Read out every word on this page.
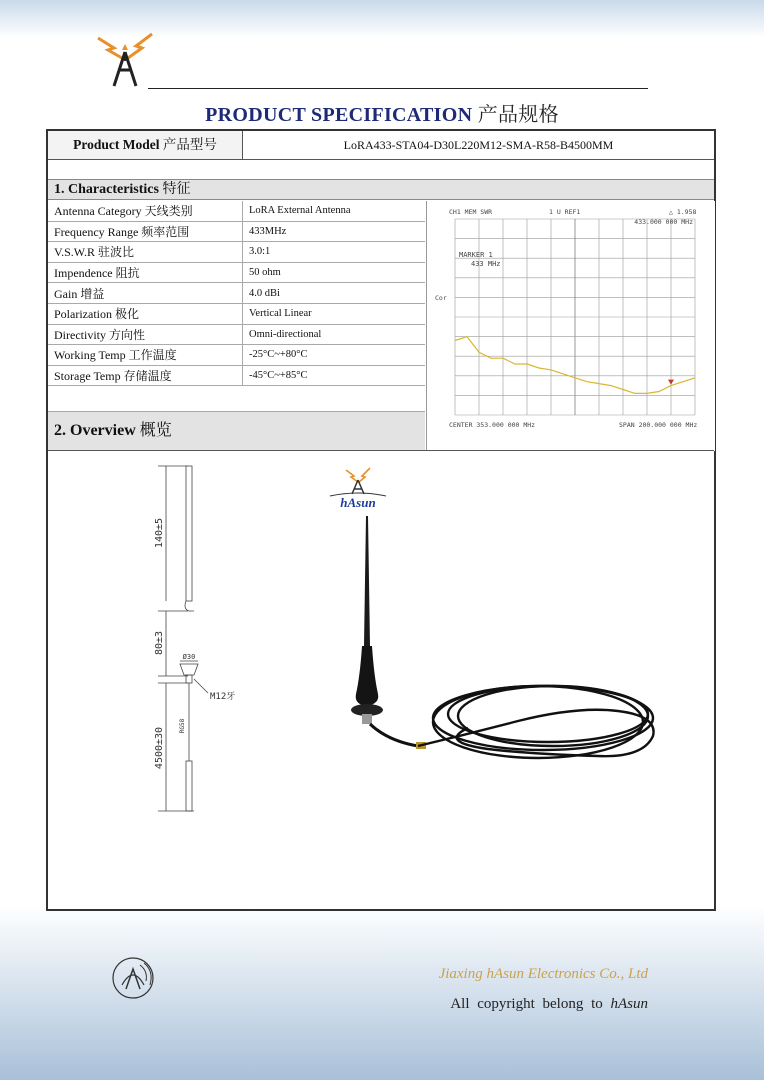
PRODUCT SPECIFICATION 产品规格
Product Model 产品型号	LoRA433-STA04-D30L220M12-SMA-R58-B4500MM
1. Characteristics 特征
Antenna Category 天线类别	LoRA External Antenna
Frequency Range 频率范围	433MHz
V.S.W.R 驻波比	3.0:1
Impendence 阻抗	50 ohm
Gain 增益	4.0 dBi
Polarization 极化	Vertical Linear
Directivity 方向性	Omni-directional
Working Temp 工作温度	-25°C~+80°C
Storage Temp 存储温度	-45°C~+85°C
CH1 MEM SWR	1 U REF1	△ 1.958
433.000 000 MHz
MARKER 1
433 MHz
Cor
CENTER 353.000 000 MHz	SPAN 200.000 000 MHz
2. Overview 概览
140±5
80±3
Ø30
M12牙
4500±30
RG58
hAsun
Jiaxing hAsun Electronics Co., Ltd
All copyright belong to hAsun
